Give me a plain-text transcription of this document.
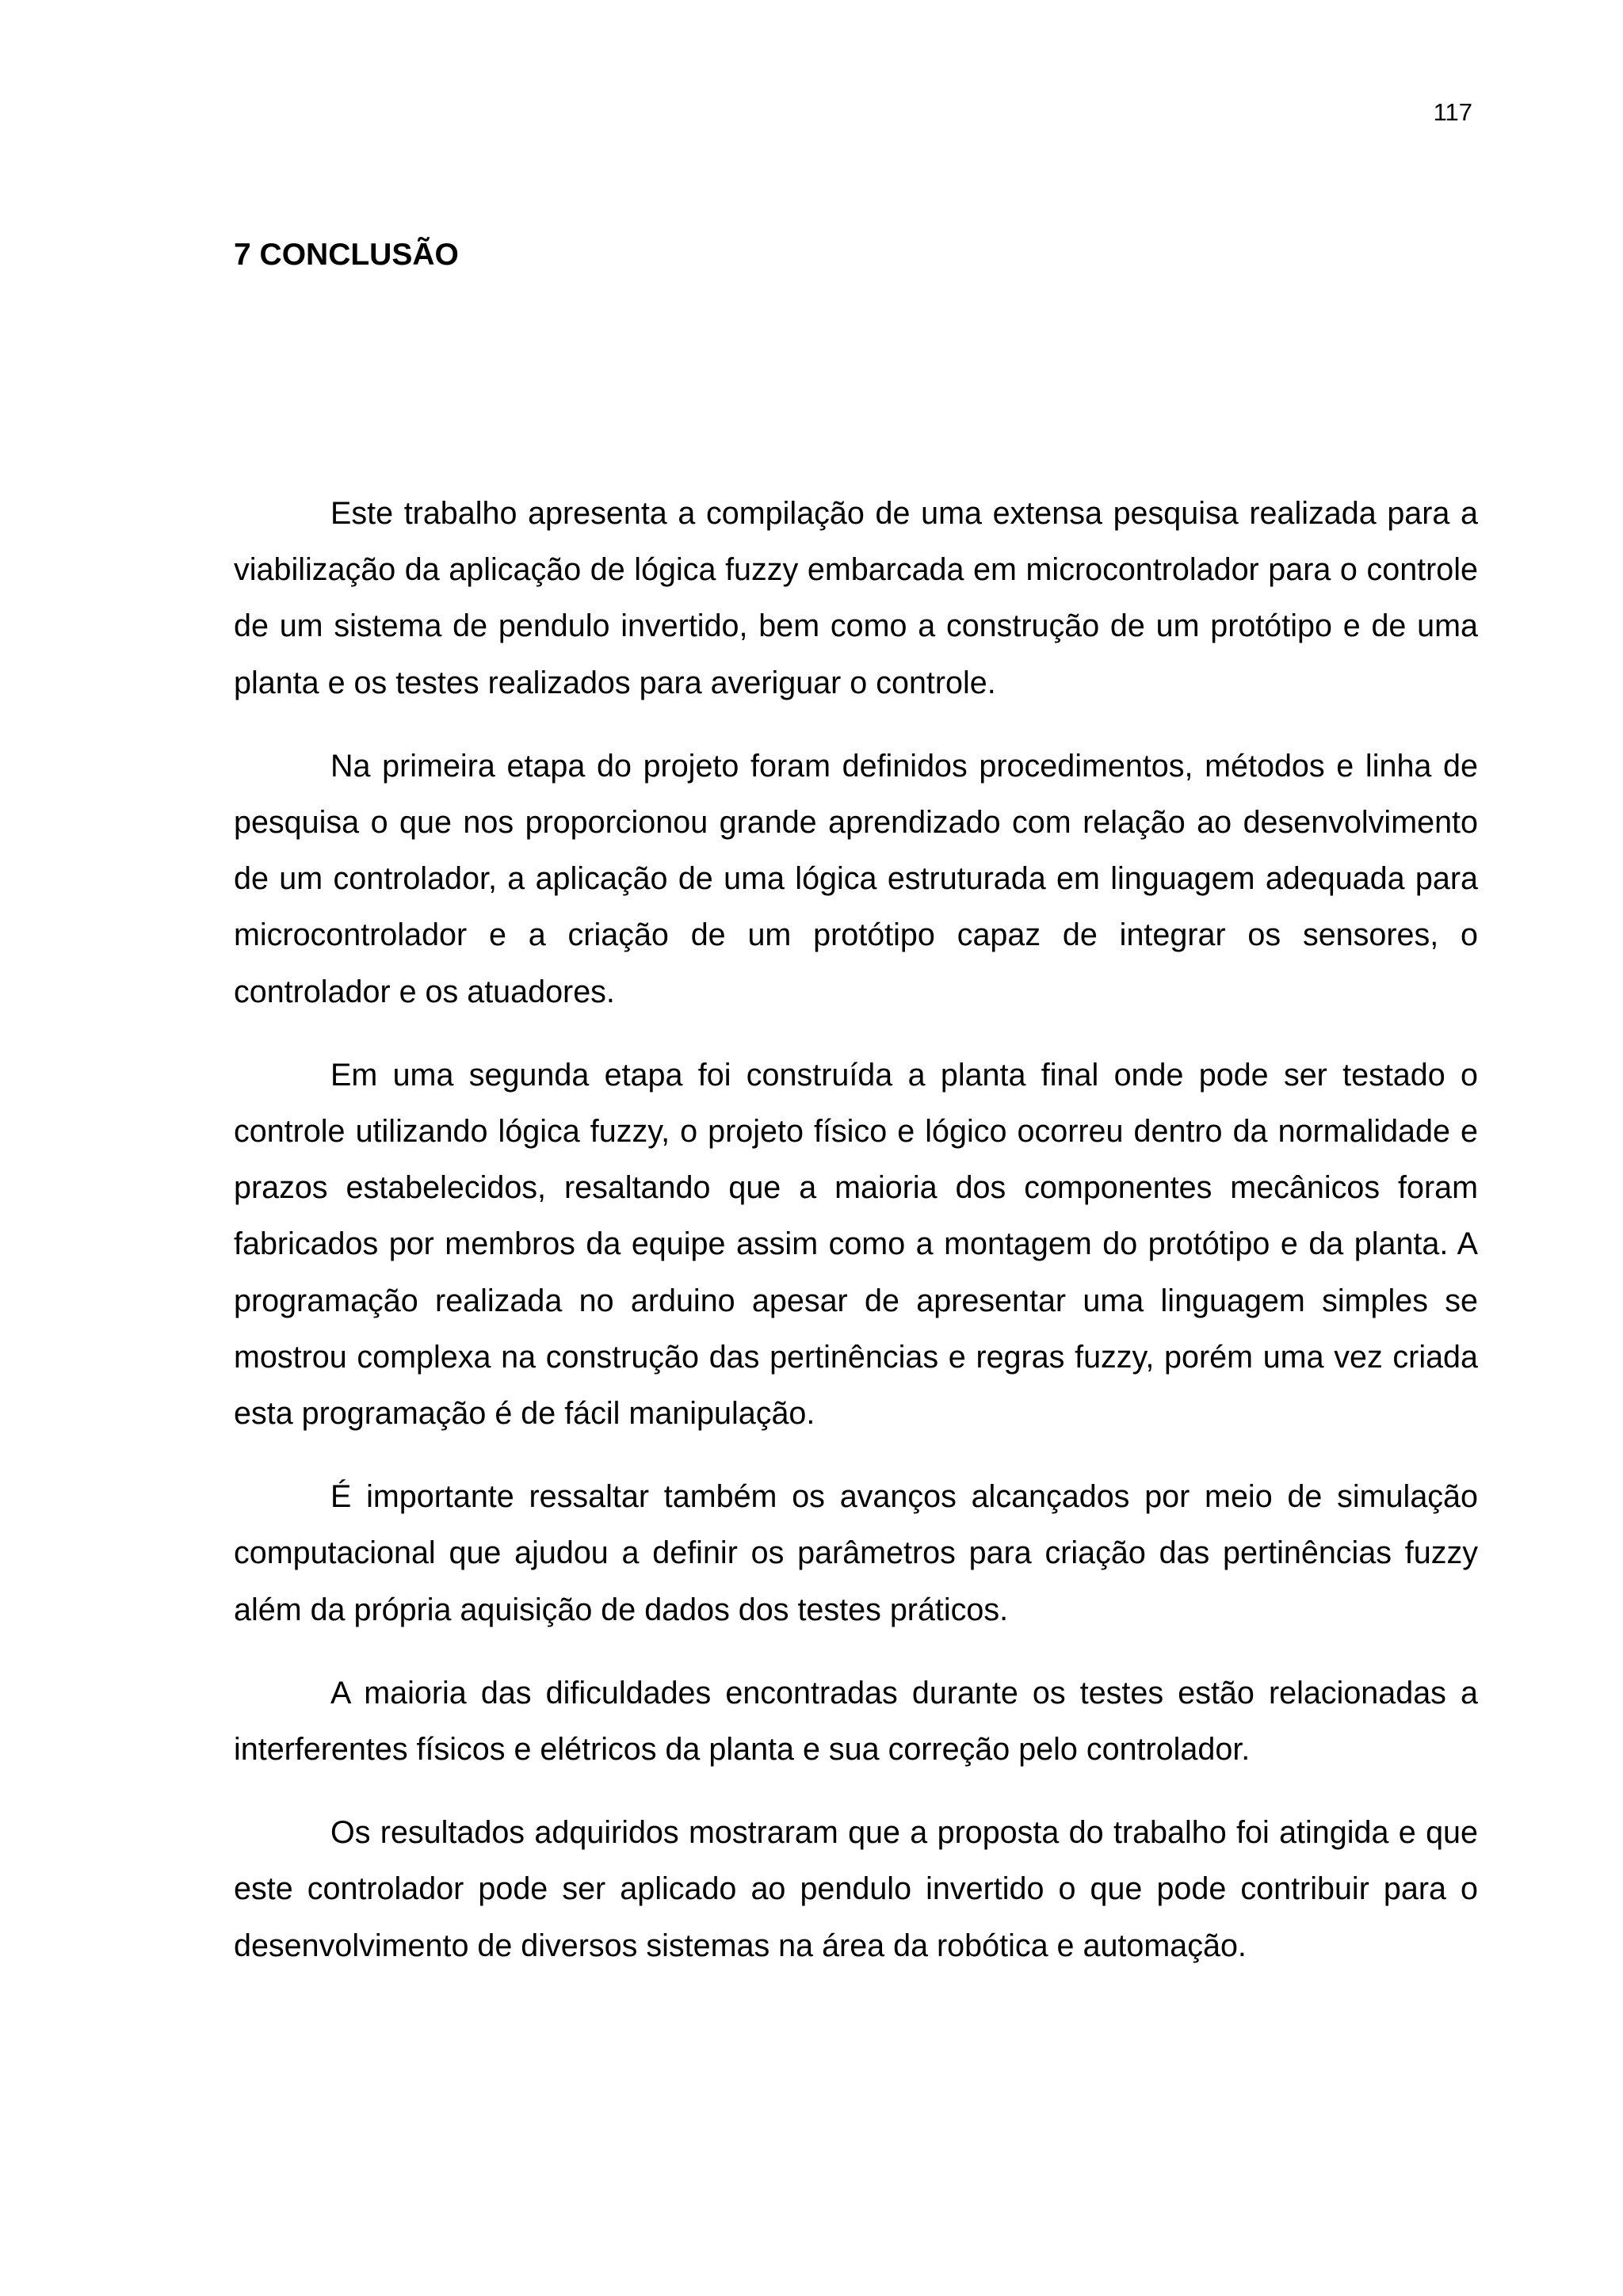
117
7 CONCLUSÃO

Este trabalho apresenta a compilação de uma extensa pesquisa realizada para a viabilização da aplicação de lógica fuzzy embarcada em microcontrolador para o controle de um sistema de pendulo invertido, bem como a construção de um protótipo e de uma planta e os testes realizados para averiguar o controle.

Na primeira etapa do projeto foram definidos procedimentos, métodos e linha de pesquisa o que nos proporcionou grande aprendizado com relação ao desenvolvimento de um controlador, a aplicação de uma lógica estruturada em linguagem adequada para microcontrolador e a criação de um protótipo capaz de integrar os sensores, o controlador e os atuadores.

Em uma segunda etapa foi construída a planta final onde pode ser testado o controle utilizando lógica fuzzy, o projeto físico e lógico ocorreu dentro da normalidade e prazos estabelecidos, resaltando que a maioria dos componentes mecânicos foram fabricados por membros da equipe assim como a montagem do protótipo e da planta. A programação realizada no arduino apesar de apresentar uma linguagem simples se mostrou complexa na construção das pertinências e regras fuzzy, porém uma vez criada esta programação é de fácil manipulação.

É importante ressaltar também os avanços alcançados por meio de simulação computacional que ajudou a definir os parâmetros para criação das pertinências fuzzy além da própria aquisição de dados dos testes práticos.

A maioria das dificuldades encontradas durante os testes estão relacionadas a interferentes físicos e elétricos da planta e sua correção pelo controlador.

Os resultados adquiridos mostraram que a proposta do trabalho foi atingida e que este controlador pode ser aplicado ao pendulo invertido o que pode contribuir para o desenvolvimento de diversos sistemas na área da robótica e automação.
